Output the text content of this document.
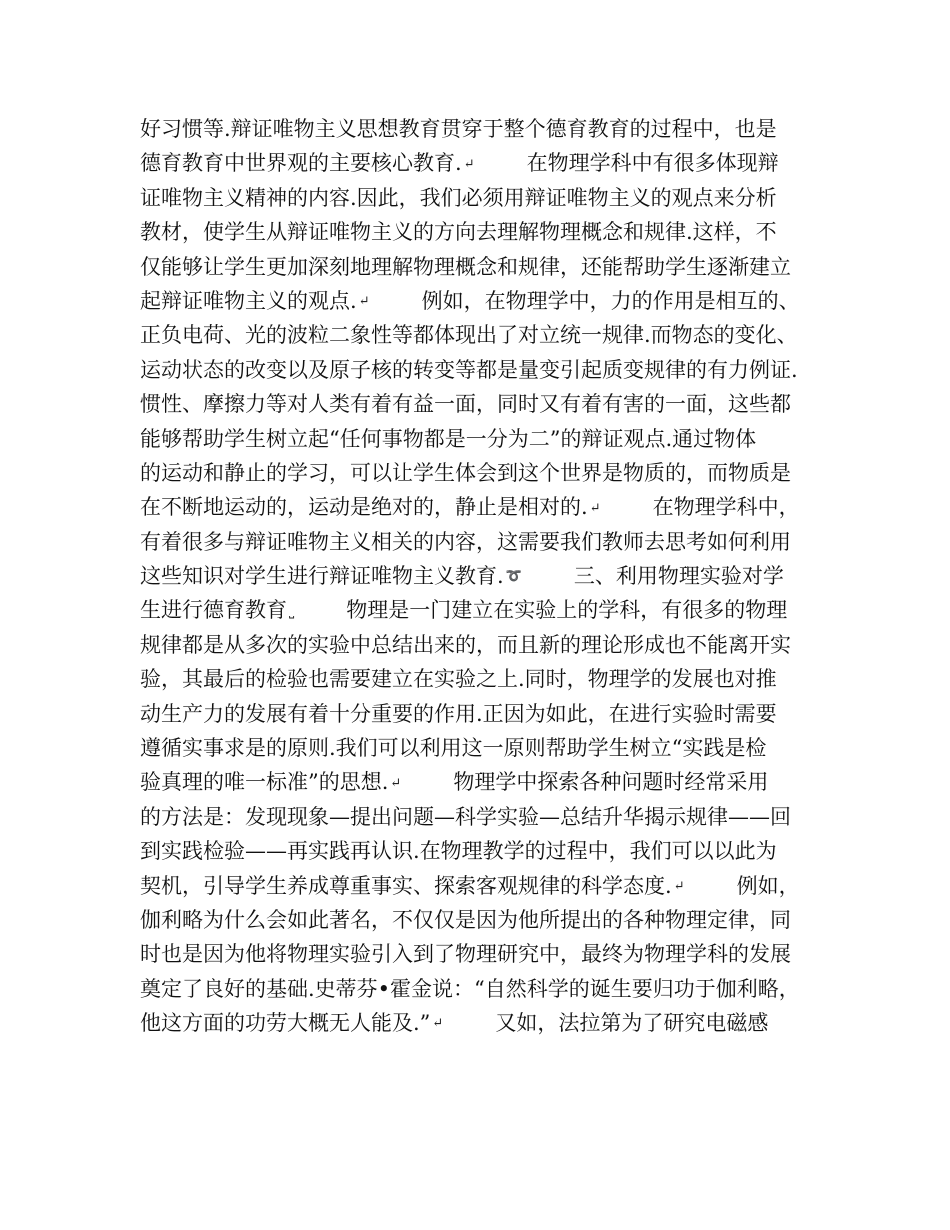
好习惯等.辩证唯物主义思想教育贯穿于整个德育教育的过程中，也是
德育教育中世界观的主要核心教育. ↵ 在物理学科中有很多体现辩
证唯物主义精神的内容.因此，我们必须用辩证唯物主义的观点来分析
教材，使学生从辩证唯物主义的方向去理解物理概念和规律.这样，不
仅能够让学生更加深刻地理解物理概念和规律，还能帮助学生逐渐建立
起辩证唯物主义的观点. ↵ 例如，在物理学中，力的作用是相互的、
正负电荷、光的波粒二象性等都体现出了对立统一规律.而物态的变化、
运动状态的改变以及原子核的转变等都是量变引起质变规律的有力例证.
惯性、摩擦力等对人类有着有益一面，同时又有着有害的一面，这些都
能够帮助学生树立起“任何事物都是一分为二”的辩证观点.通过物体
的运动和静止的学习，可以让学生体会到这个世界是物质的，而物质是
在不断地运动的，运动是绝对的，静止是相对的. ↵ 在物理学科中，
有着很多与辩证唯物主义相关的内容，这需要我们教师去思考如何利用
这些知识对学生进行辩证唯物主义教育. ➰ 三、利用物理实验对学
生进行德育教育 ⎵ 物理是一门建立在实验上的学科，有很多的物理
规律都是从多次的实验中总结出来的，而且新的理论形成也不能离开实
验，其最后的检验也需要建立在实验之上.同时，物理学的发展也对推
动生产力的发展有着十分重要的作用.正因为如此，在进行实验时需要
遵循实事求是的原则.我们可以利用这一原则帮助学生树立“实践是检
验真理的唯一标准”的思想. ↵ 物理学中探索各种问题时经常采用
的方法是：发现现象—提出问题—科学实验—总结升华揭示规律——回
到实践检验——再实践再认识.在物理教学的过程中，我们可以以此为
契机，引导学生养成尊重事实、探索客观规律的科学态度. ↵ 例如，
伽利略为什么会如此著名，不仅仅是因为他所提出的各种物理定律，同
时也是因为他将物理实验引入到了物理研究中，最终为物理学科的发展
奠定了良好的基础.史蒂芬•霍金说：“自然科学的诞生要归功于伽利略，
他这方面的功劳大概无人能及.” ↵ 又如，法拉第为了研究电磁感
